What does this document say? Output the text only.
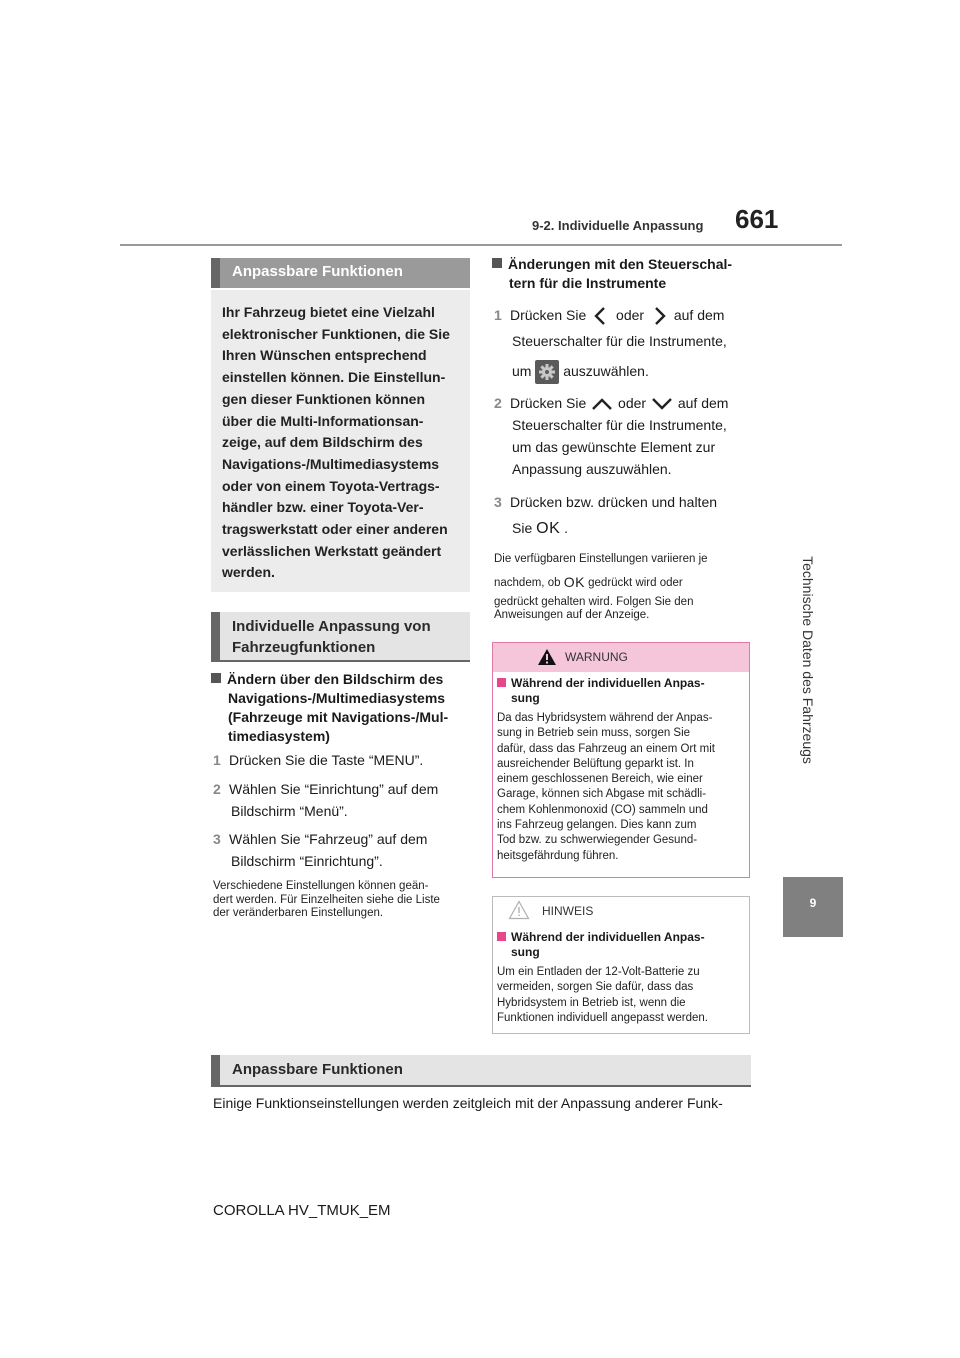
9-2. Individuelle Anpassung 661
Technische Daten des Fahrzeugs
9
Anpassbare Funktionen

Ihr Fahrzeug bietet eine Vielzahl

elektronischer Funktionen, die Sie

Ihren Wünschen entsprechend

einstellen können. Die Einstellun-

gen dieser Funktionen können

über die Multi-Informationsan-

zeige, auf dem Bildschirm des

Navigations-/Multimediasystems

oder von einem Toyota-Vertrags-

händler bzw. einer Toyota-Ver-

tragswerkstatt oder einer anderen

verlässlichen Werkstatt geändert

werden.

Individuelle Anpassung von
Fahrzeugfunktionen
Ändern über den Bildschirm des
Navigations-/Multimediasystems
(Fahrzeuge mit Navigations-/Mul-
timediasystem)
1 Drücken Sie die Taste “MENU”.
2 Wählen Sie “Einrichtung” auf dem
Bildschirm “Menü”.
3 Wählen Sie “Fahrzeug” auf dem
Bildschirm “Einrichtung”.
Verschiedene Einstellungen können geän-
dert werden. Für Einzelheiten siehe die Liste
der veränderbaren Einstellungen.
Änderungen mit den Steuerschal-
tern für die Instrumente
1 Drücken Sie oder auf dem
Steuerschalter für die Instrumente,
um auszuwählen.
2 Drücken Sie oder auf dem
Steuerschalter für die Instrumente,
um das gewünschte Element zur
Anpassung auszuwählen.
3 Drücken bzw. drücken und halten
Sie OK .
Die verfügbaren Einstellungen variieren je
nachdem, ob OK gedrückt wird oder
gedrückt gehalten wird. Folgen Sie den
Anweisungen auf der Anzeige.
WARNUNG
Während der individuellen Anpas-
sung
Da das Hybridsystem während der Anpas-
sung in Betrieb sein muss, sorgen Sie
dafür, dass das Fahrzeug an einem Ort mit
ausreichender Belüftung geparkt ist. In
einem geschlossenen Bereich, wie einer
Garage, können sich Abgase mit schädli-
chem Kohlenmonoxid (CO) sammeln und
ins Fahrzeug gelangen. Dies kann zum
Tod bzw. zu schwerwiegender Gesund-
heitsgefährdung führen.
HINWEIS
Während der individuellen Anpas-
sung
Um ein Entladen der 12-Volt-Batterie zu
vermeiden, sorgen Sie dafür, dass das
Hybridsystem in Betrieb ist, wenn die
Funktionen individuell angepasst werden.
Anpassbare Funktionen
Einige Funktionseinstellungen werden zeitgleich mit der Anpassung anderer Funk-
COROLLA HV_TMUK_EM
